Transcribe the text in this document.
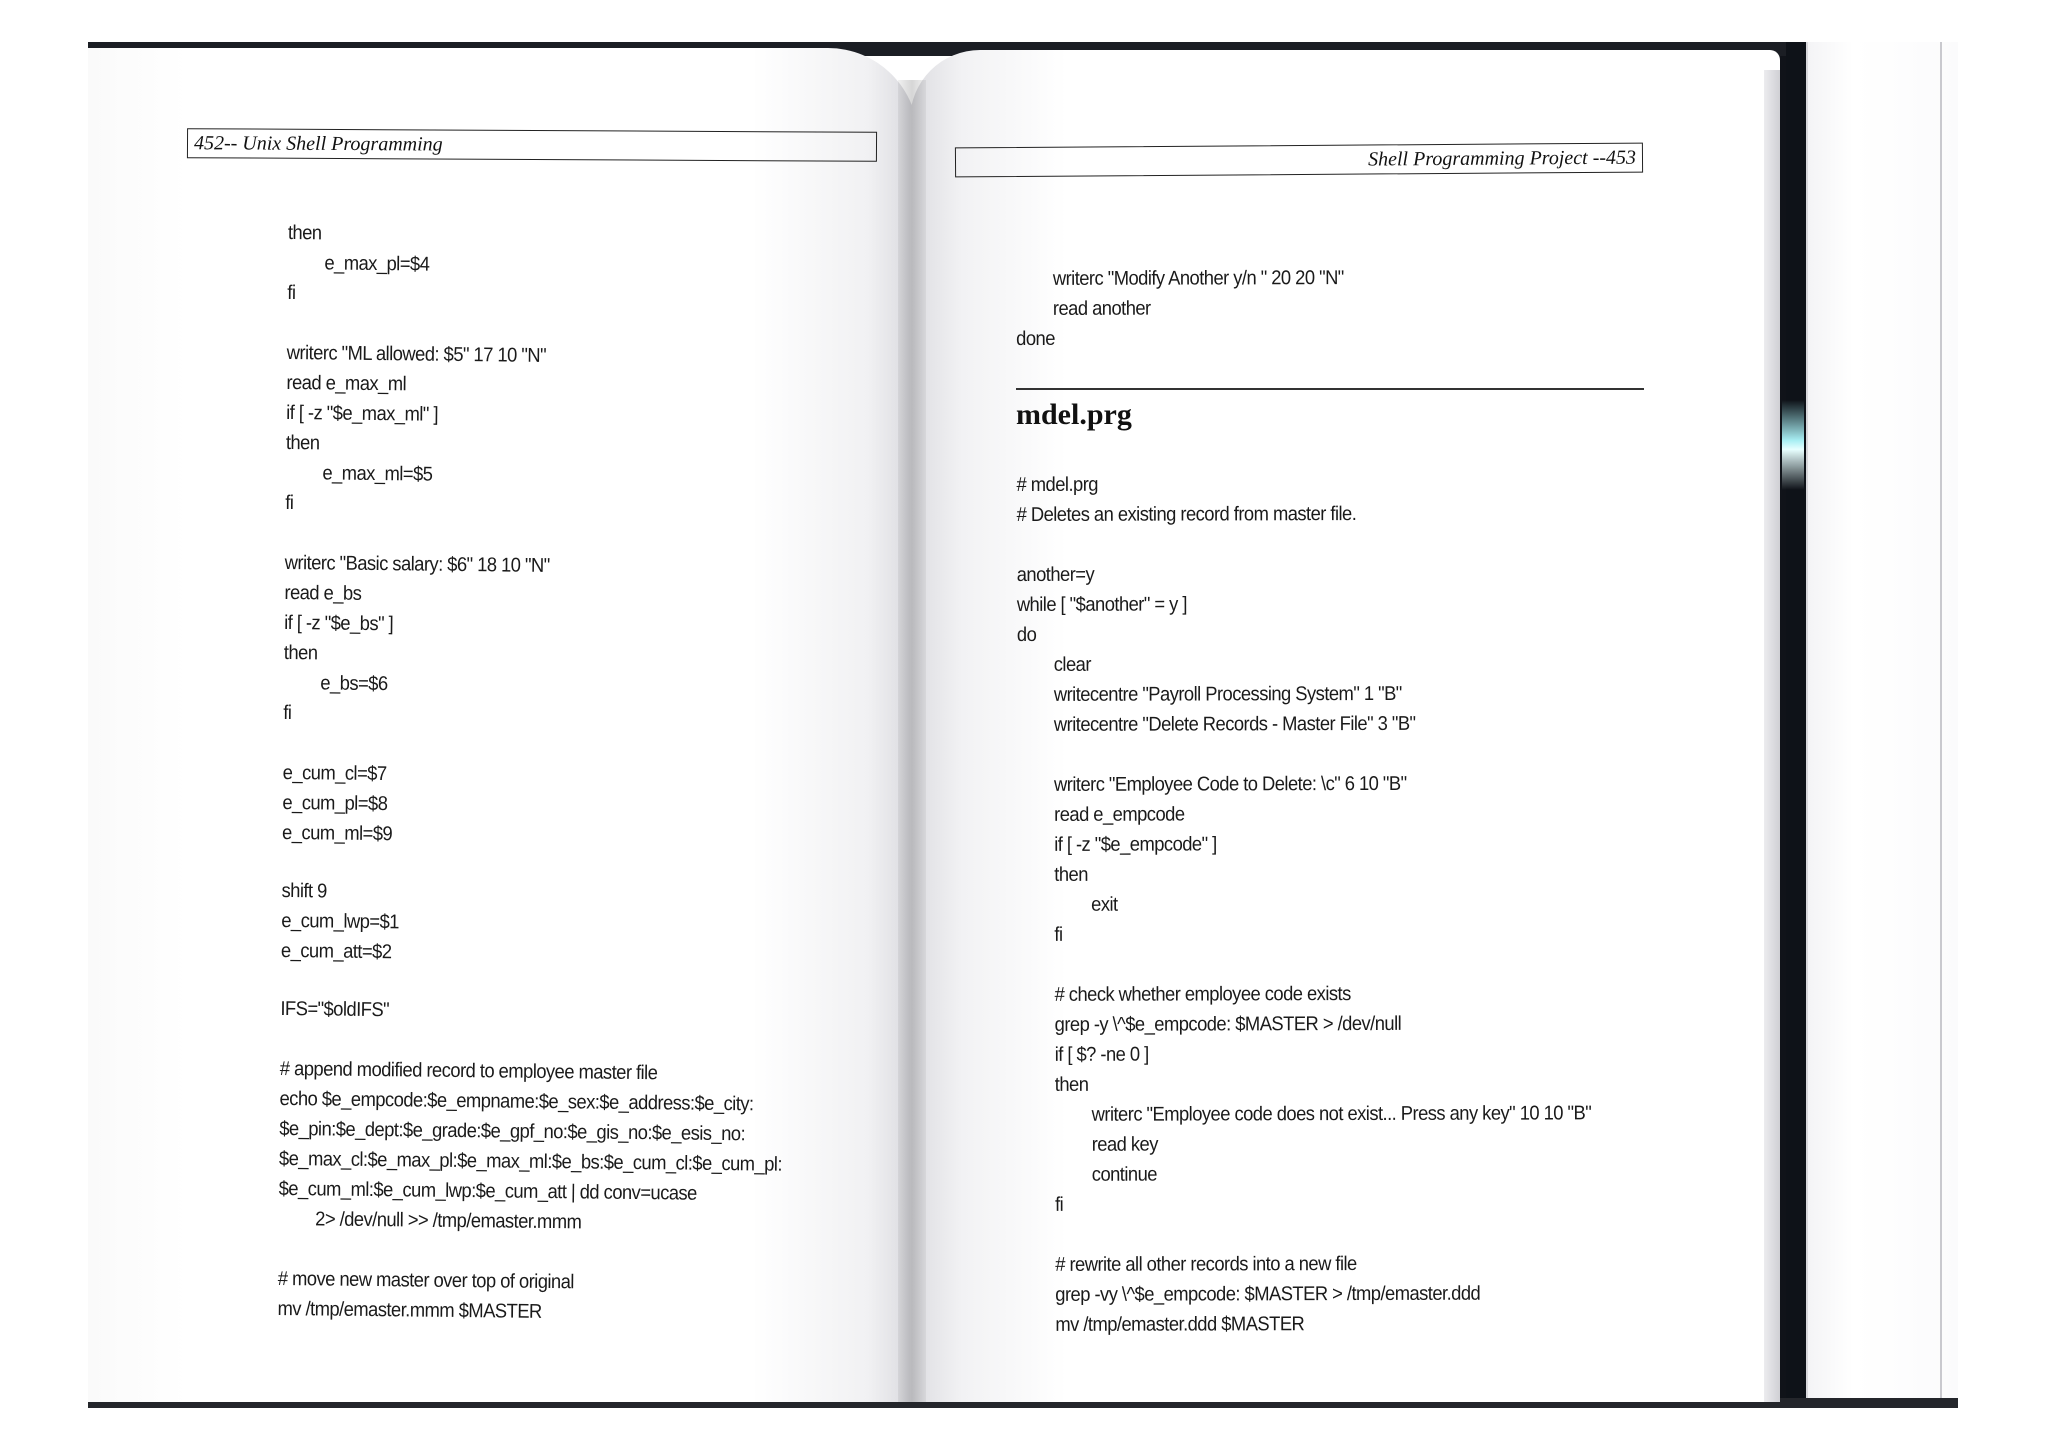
452-- Unix Shell Programming
Shell Programming Project --453

then

e_max_pl=$4

fi

writerc "ML allowed: $5" 17 10 "N"

read e_max_ml

if [ -z "$e_max_ml" ]

then

e_max_ml=$5

fi

writerc "Basic salary: $6" 18 10 "N"

read e_bs

if [ -z "$e_bs" ]

then

e_bs=$6

fi

e_cum_cl=$7

e_cum_pl=$8

e_cum_ml=$9

shift 9

e_cum_lwp=$1

e_cum_att=$2

IFS="$oldIFS"

# append modified record to employee master file

echo $e_empcode:$e_empname:$e_sex:$e_address:$e_city:

$e_pin:$e_dept:$e_grade:$e_gpf_no:$e_gis_no:$e_esis_no:

$e_max_cl:$e_max_pl:$e_max_ml:$e_bs:$e_cum_cl:$e_cum_pl:

$e_cum_ml:$e_cum_lwp:$e_cum_att | dd conv=ucase

2> /dev/null >> /tmp/emaster.mmm

# move new master over top of original

mv /tmp/emaster.mmm $MASTER

writerc "Modify Another y/n " 20 20 "N"

read another

done

# mdel.prg

# Deletes an existing record from master file.

another=y

while [ "$another" = y ]

do

clear

writecentre "Payroll Processing System" 1 "B"

writecentre "Delete Records - Master File" 3 "B"

writerc "Employee Code to Delete: \c" 6 10 "B"

read e_empcode

if [ -z "$e_empcode" ]

then

exit

fi

# check whether employee code exists

grep -y \^$e_empcode: $MASTER > /dev/null

if [ $? -ne 0 ]

then

writerc "Employee code does not exist... Press any key" 10 10 "B"

read key

continue

fi

# rewrite all other records into a new file

grep -vy \^$e_empcode: $MASTER > /tmp/emaster.ddd

mv /tmp/emaster.ddd $MASTER

mdel.prg
